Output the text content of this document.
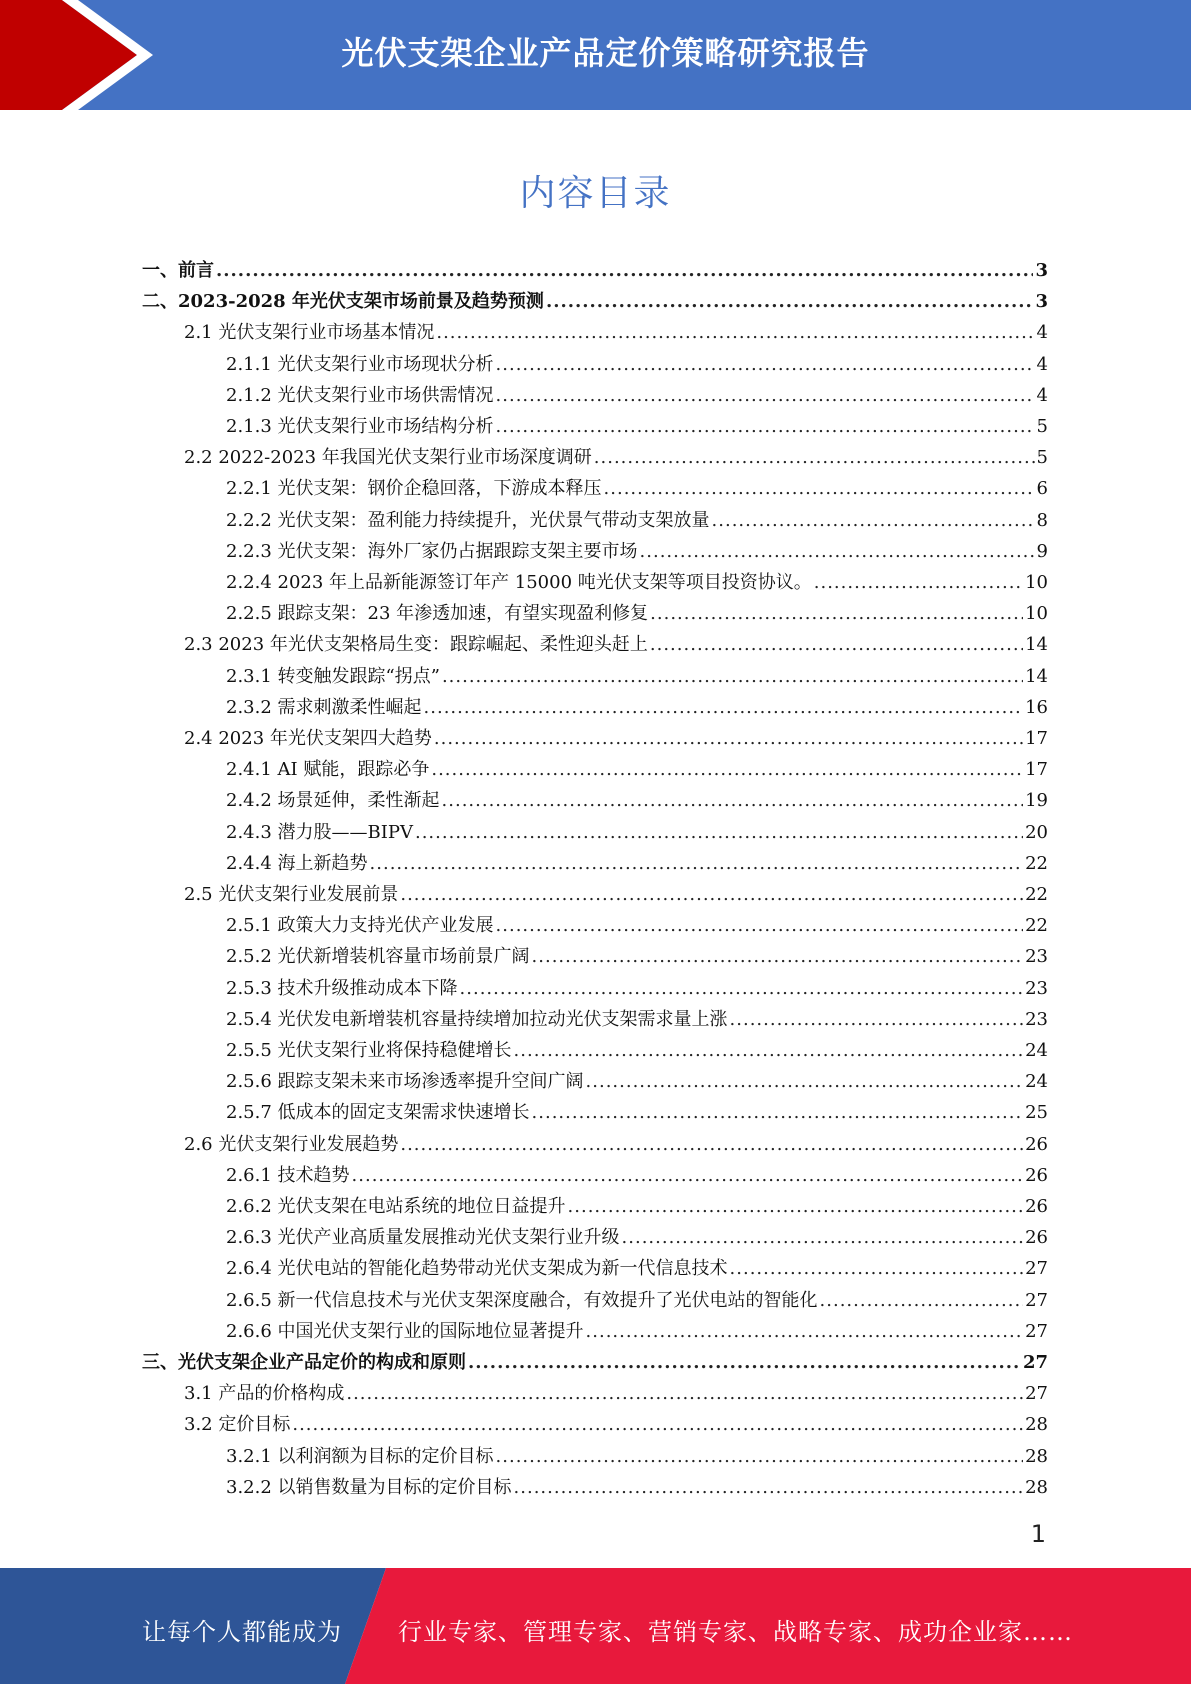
光伏支架企业产品定价策略研究报告
内容目录
一、前言 .....	3
二、2023-2028 年光伏支架市场前景及趋势预测 .....	3
2.1 光伏支架行业市场基本情况 .....	4
2.1.1 光伏支架行业市场现状分析 .....	4
2.1.2 光伏支架行业市场供需情况 .....	4
2.1.3 光伏支架行业市场结构分析 .....	5
2.2 2022-2023 年我国光伏支架行业市场深度调研 .....	5
2.2.1 光伏支架：钢价企稳回落，下游成本释压 .....	6
2.2.2 光伏支架：盈利能力持续提升，光伏景气带动支架放量 .....	8
2.2.3 光伏支架：海外厂家仍占据跟踪支架主要市场 .....	9
2.2.4 2023 年上品新能源签订年产 15000 吨光伏支架等项目投资协议。 .....	10
2.2.5 跟踪支架：23 年渗透加速，有望实现盈利修复 .....	10
2.3 2023 年光伏支架格局生变：跟踪崛起、柔性迎头赶上 .....	14
2.3.1 转变触发跟踪“拐点” .....	14
2.3.2 需求刺激柔性崛起 .....	16
2.4 2023 年光伏支架四大趋势 .....	17
2.4.1 AI 赋能，跟踪必争 .....	17
2.4.2 场景延伸，柔性渐起 .....	19
2.4.3 潜力股——BIPV .....	20
2.4.4 海上新趋势 .....	22
2.5 光伏支架行业发展前景 .....	22
2.5.1 政策大力支持光伏产业发展 .....	22
2.5.2 光伏新增装机容量市场前景广阔 .....	23
2.5.3 技术升级推动成本下降 .....	23
2.5.4 光伏发电新增装机容量持续增加拉动光伏支架需求量上涨 .....	23
2.5.5 光伏支架行业将保持稳健增长 .....	24
2.5.6 跟踪支架未来市场渗透率提升空间广阔 .....	24
2.5.7 低成本的固定支架需求快速增长 .....	25
2.6 光伏支架行业发展趋势 .....	26
2.6.1 技术趋势 .....	26
2.6.2 光伏支架在电站系统的地位日益提升 .....	26
2.6.3 光伏产业高质量发展推动光伏支架行业升级 .....	26
2.6.4 光伏电站的智能化趋势带动光伏支架成为新一代信息技术 .....	27
2.6.5 新一代信息技术与光伏支架深度融合，有效提升了光伏电站的智能化 .....	27
2.6.6 中国光伏支架行业的国际地位显著提升 .....	27
三、光伏支架企业产品定价的构成和原则 .....	27
3.1 产品的价格构成 .....	27
3.2 定价目标 .....	28
3.2.1 以利润额为目标的定价目标 .....	28
3.2.2 以销售数量为目标的定价目标 .....	28
1
让每个人都能成为 行业专家、管理专家、营销专家、战略专家、成功企业家……
